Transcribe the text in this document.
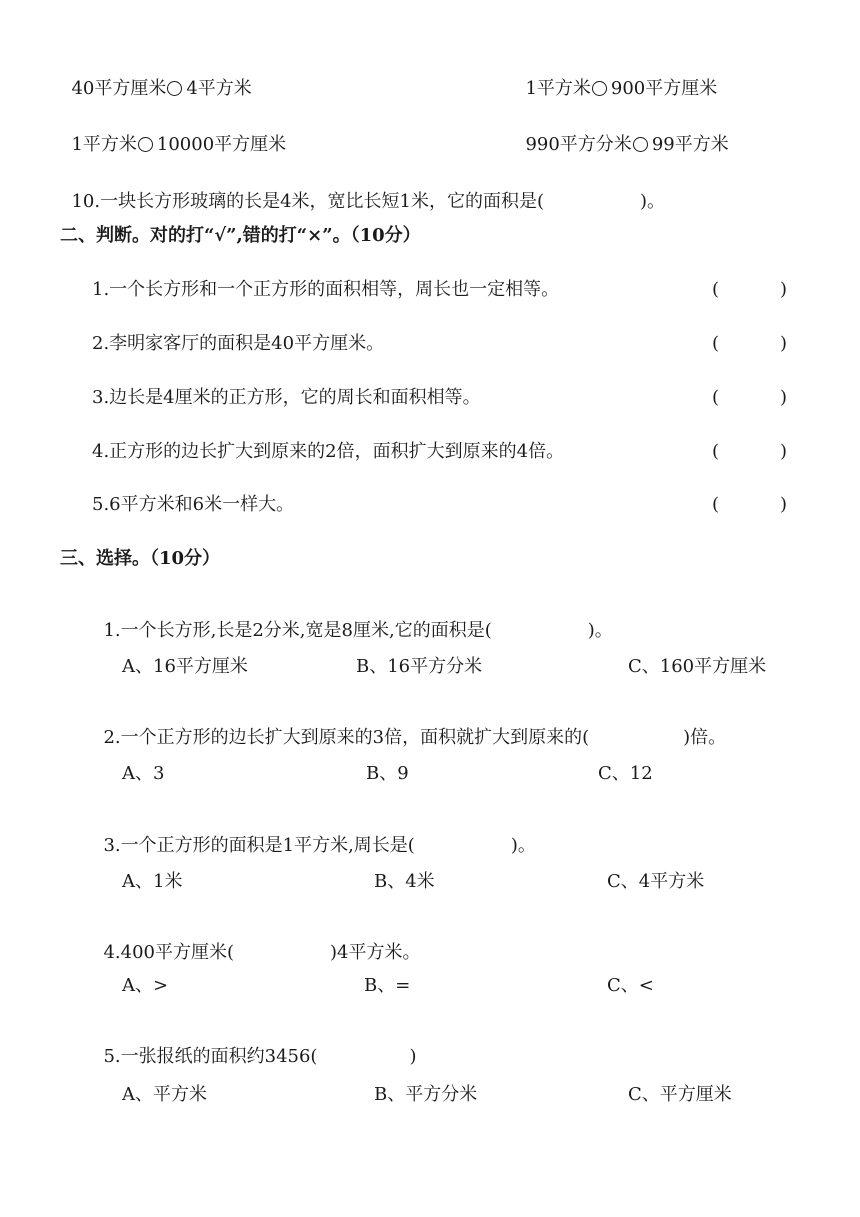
40平方厘米 4平方米	1平方米 900平方厘米

1平方米 10000平方厘米	990平方分米 99平方米

10.一块长方形玻璃的长是4米，宽比长短1米，它的面积是(	)。

二、判断。对的打“√”,错的打“×”。（10分）
1.一个长方形和一个正方形的面积相等，周长也一定相等。	(	)
2.李明家客厅的面积是40平方厘米。	(	)
3.边长是4厘米的正方形，它的周长和面积相等。	(	)
4.正方形的边长扩大到原来的2倍，面积扩大到原来的4倍。	(	)
5.6平方米和6米一样大。	(	)
三、选择。（10分）

1.一个长方形,长是2分米,宽是8厘米,它的面积是(	)。

A、16平方厘米	B、16平方分米	C、160平方厘米

2.一个正方形的边长扩大到原来的3倍，面积就扩大到原来的(	)倍。

A、3	B、9	C、12

3.一个正方形的面积是1平方米,周长是(	)。

A、1米	B、4米	C、4平方米

4.400平方厘米(	)4平方米。

A、>	B、=	C、<

5.一张报纸的面积约3456(	)

A、平方米	B、平方分米	C、平方厘米
